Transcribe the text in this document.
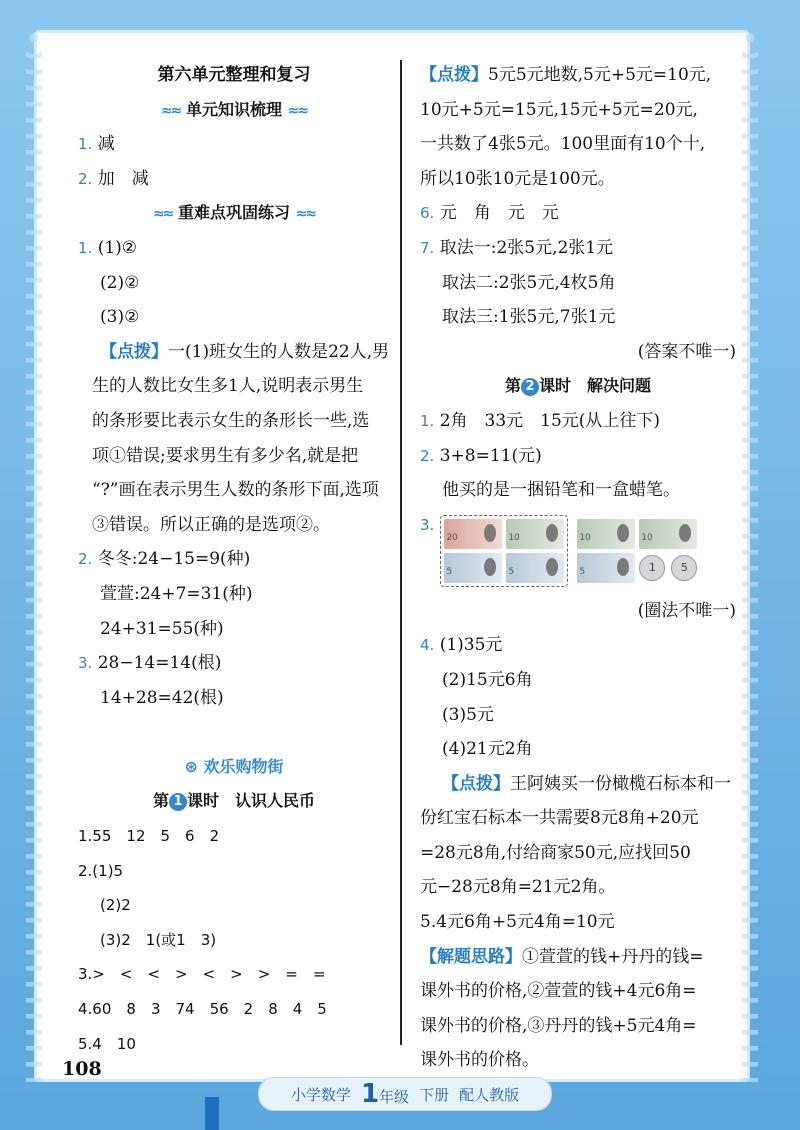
第六单元整理和复习
≈≈ 单元知识梳理 ≈≈
1. 减
2. 加　减
≈≈ 重难点巩固练习 ≈≈
1. (1)②
(2)②
(3)②
【点拨】一(1)班女生的人数是22人,男
生的人数比女生多1人,说明表示男生
的条形要比表示女生的条形长一些,选
项①错误;要求男生有多少名,就是把
“?”画在表示男生人数的条形下面,选项
③错误。所以正确的是选项②。
2. 冬冬:24−15=9(种)
萱萱:24+7=31(种)
24+31=55(种)
3. 28−14=14(根)
14+28=42(根)
⊛ 欢乐购物街
第 1 课时　认识人民币
1.55　12　5　6　2
2.(1)5
(2)2
(3)2　1(或1　3)
3.>　<　<　>　<　>　>　=　=
4.60　8　3　74　56　2　8　4　5
5.4　10
【点拨】5元5元地数,5元+5元=10元,
10元+5元=15元,15元+5元=20元,
一共数了4张5元。100里面有10个十,
所以10张10元是100元。
6. 元　角　元　元
7. 取法一:2张5元,2张1元
取法二:2张5元,4枚5角
取法三:1张5元,7张1元
(答案不唯一)
第 2 课时　解决问题
1. 2角　33元　15元(从上往下)
2. 3+8=11(元)
他买的是一捆铅笔和一盒蜡笔。
3.
20	10
5	5
10	10
5	1	5
(圈法不唯一)
4. (1)35元
(2)15元6角
(3)5元
(4)21元2角
【点拨】王阿姨买一份橄榄石标本和一
份红宝石标本一共需要8元8角+20元
=28元8角,付给商家50元,应找回50
元−28元8角=21元2角。
5.4元6角+5元4角=10元
【解题思路】①萱萱的钱+丹丹的钱=
课外书的价格,②萱萱的钱+4元6角=
课外书的价格,③丹丹的钱+5元4角=
课外书的价格。
108
小学数学 1年级 下册 配人教版
